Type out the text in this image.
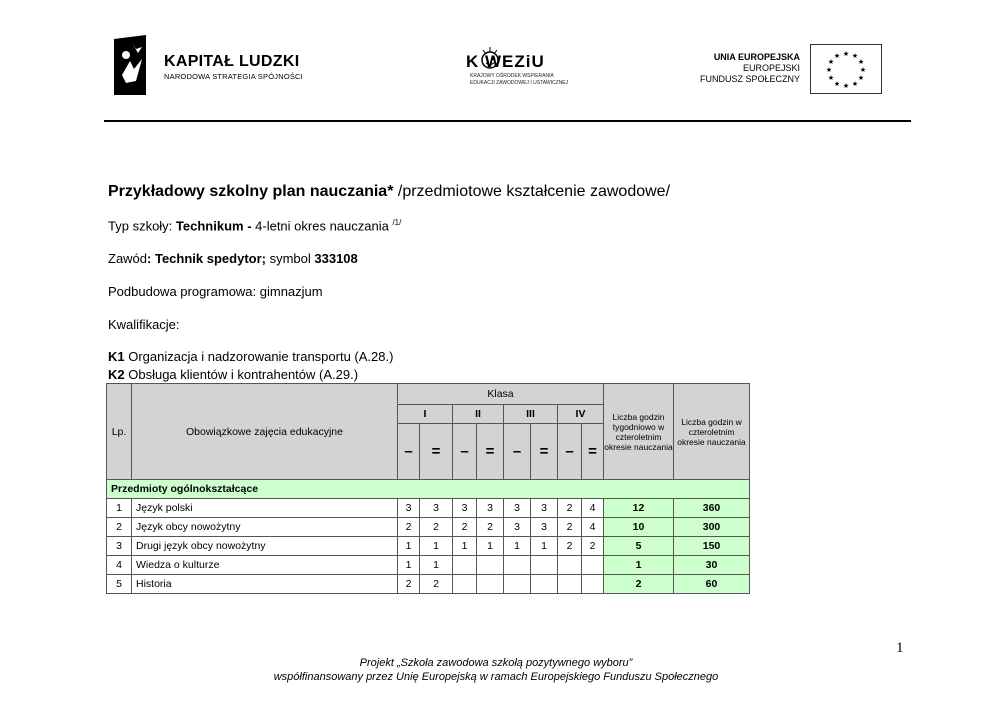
KAPITAŁ LUDZKI
NARODOWA STRATEGIA SPÓJNOŚCI
K WEZiU
KRAJOWY OŚRODEK WSPIERANIA
EDUKACJI ZAWODOWEJ I USTAWICZNEJ
UNIA EUROPEJSKA
EUROPEJSKI
FUNDUSZ SPOŁECZNY
★ ★
★
★
★
★
★
★
★
★
★
★
Przykładowy szkolny plan nauczania* /przedmiotowe kształcenie zawodowe/
Typ szkoły: Technikum - 4-letni okres nauczania $^{/1/}$
Zawód: Technik spedytor; symbol 333108
Podbudowa programowa: gimnazjum
Kwalifikacje:
K1 Organizacja i nadzorowanie transportu (A.28.)
K2 Obsługa klientów i kontrahentów (A.29.)
Lp.	Obowiązkowe zajęcia edukacyjne	Klasa								Liczba godzin tygodniowo w czteroletnim okresie nauczania	Liczba godzin w czteroletnim okresie nauczania
		I		II		III		IV			
		–	=	–	=	–	=	–	=		
Przedmioty ogólnokształcące											
1	Język polski	3	3	3	3	3	3	2	4	12	360
2	Język obcy nowożytny	2	2	2	2	3	3	2	4	10	300
3	Drugi język obcy nowożytny	1	1	1	1	1	1	2	2	5	150
4	Wiedza o kulturze	1	1							1	30
5	Historia	2	2							2	60
1
Projekt „Szkoła zawodowa szkołą pozytywnego wyboru”
współfinansowany przez Unię Europejską w ramach Europejskiego Funduszu Społecznego
